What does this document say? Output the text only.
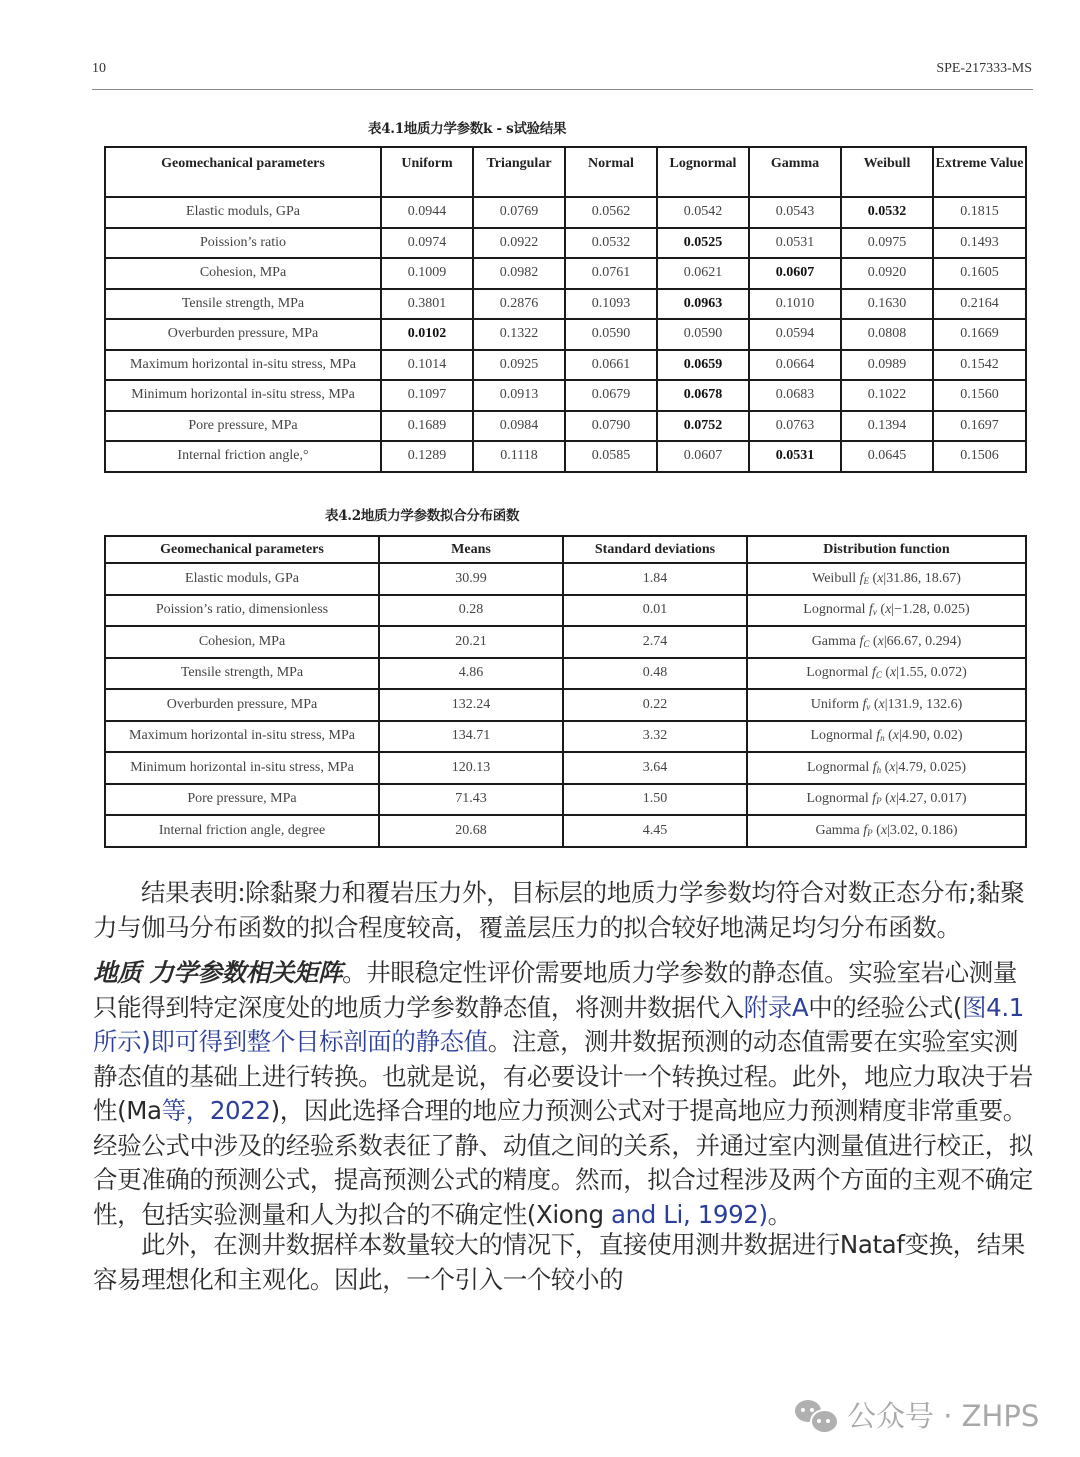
10	SPE-217333-MS
表4.1地质力学参数k - s试验结果
Geomechanical parameters	Uniform	Triangular	Normal	Lognormal	Gamma	Weibull	Extreme Value
Elastic moduls, GPa	0.0944	0.0769	0.0562	0.0542	0.0543	0.0532	0.1815
Poission’s ratio	0.0974	0.0922	0.0532	0.0525	0.0531	0.0975	0.1493
Cohesion, MPa	0.1009	0.0982	0.0761	0.0621	0.0607	0.0920	0.1605
Tensile strength, MPa	0.3801	0.2876	0.1093	0.0963	0.1010	0.1630	0.2164
Overburden pressure, MPa	0.0102	0.1322	0.0590	0.0590	0.0594	0.0808	0.1669
Maximum horizontal in-situ stress, MPa	0.1014	0.0925	0.0661	0.0659	0.0664	0.0989	0.1542
Minimum horizontal in-situ stress, MPa	0.1097	0.0913	0.0679	0.0678	0.0683	0.1022	0.1560
Pore pressure, MPa	0.1689	0.0984	0.0790	0.0752	0.0763	0.1394	0.1697
Internal friction angle,°	0.1289	0.1118	0.0585	0.0607	0.0531	0.0645	0.1506
表4.2地质力学参数拟合分布函数
Geomechanical parameters	Means	Standard deviations	Distribution function
Elastic moduls, GPa	30.99	1.84	Weibull $f_E$ (x|31.86, 18.67)
Poission’s ratio, dimensionless	0.28	0.01	Lognormal $f_v$ (x|−1.28, 0.025)
Cohesion, MPa	20.21	2.74	Gamma $f_C$ (x|66.67, 0.294)
Tensile strength, MPa	4.86	0.48	Lognormal $f_C$ (x|1.55, 0.072)
Overburden pressure, MPa	132.24	0.22	Uniform $f_v$ (x|131.9, 132.6)
Maximum horizontal in-situ stress, MPa	134.71	3.32	Lognormal $f_n$ (x|4.90, 0.02)
Minimum horizontal in-situ stress, MPa	120.13	3.64	Lognormal $f_h$ (x|4.79, 0.025)
Pore pressure, MPa	71.43	1.50	Lognormal $f_P$ (x|4.27, 0.017)
Internal friction angle, degree	20.68	4.45	Gamma $f_P$ (x|3.02, 0.186)
结果表明:除黏聚力和覆岩压力外，目标层的地质力学参数均符合对数正态分布;黏聚力与伽马分布函数的拟合程度较高，覆盖层压力的拟合较好地满足均匀分布函数。
地质 力学参数相关矩阵。井眼稳定性评价需要地质力学参数的静态值。实验室岩心测量只能得到特定深度处的地质力学参数静态值，将测井数据代入附录A中的经验公式(图4.1所示)即可得到整个目标剖面的静态值。注意，测井数据预测的动态值需要在实验室实测静态值的基础上进行转换。也就是说，有必要设计一个转换过程。此外，地应力取决于岩性(Ma等，2022)，因此选择合理的地应力预测公式对于提高地应力预测精度非常重要。经验公式中涉及的经验系数表征了静、动值之间的关系，并通过室内测量值进行校正，拟合更准确的预测公式，提高预测公式的精度。然而，拟合过程涉及两个方面的主观不确定性，包括实验测量和人为拟合的不确定性(Xiong and Li, 1992)。
此外，在测井数据样本数量较大的情况下，直接使用测井数据进行Nataf变换，结果容易理想化和主观化。因此，一个引入一个较小的
公众号 · ZHPS
